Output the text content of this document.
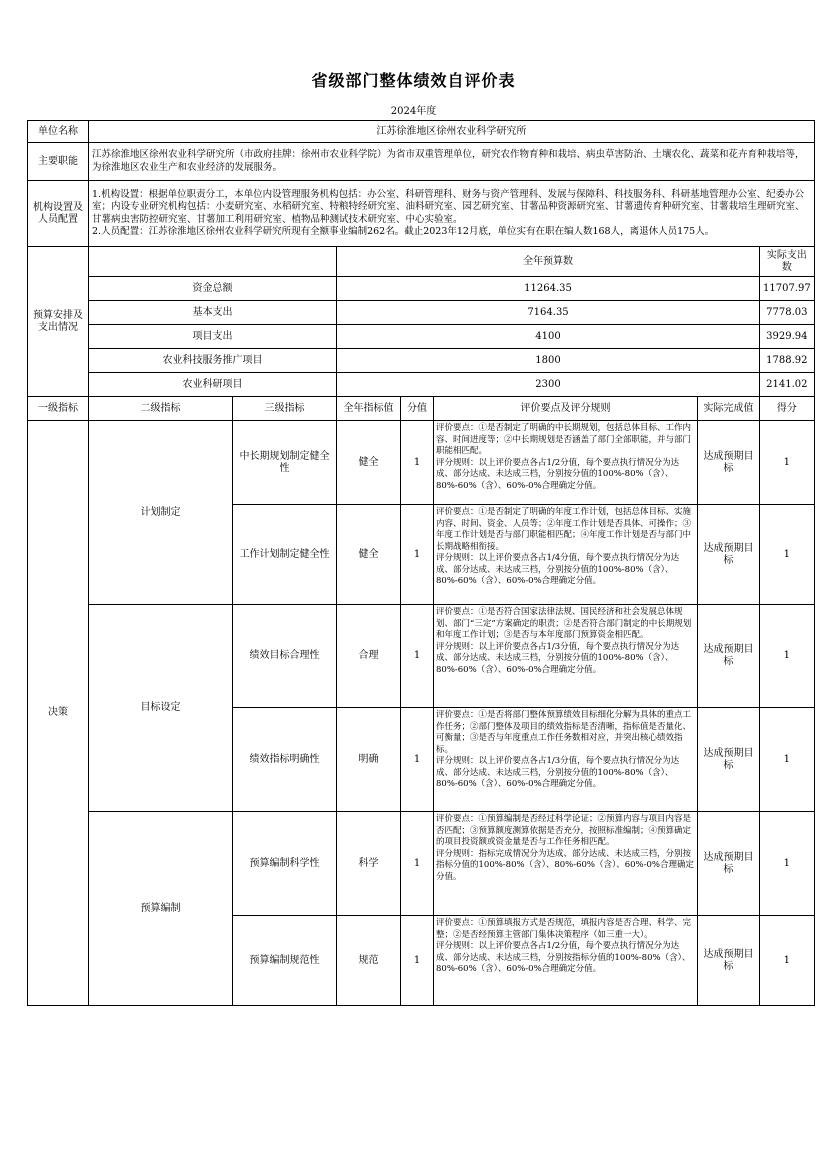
省级部门整体绩效自评价表
2024年度
单位名称	江苏徐淮地区徐州农业科学研究所						
主要职能	江苏徐淮地区徐州农业科学研究所（市政府挂牌：徐州市农业科学院）为省市双重管理单位，研究农作物育种和栽培、病虫草害防治、土壤农化、蔬菜和花卉育种栽培等，为徐淮地区农业生产和农业经济的发展服务。						
机构设置及人员配置	1.机构设置：根据单位职责分工，本单位内设管理服务机构包括：办公室、科研管理科、财务与资产管理科、发展与保障科、科技服务科、科研基地管理办公室、纪委办公室；内设专业研究机构包括：小麦研究室、水稻研究室、特粮特经研究室、油料研究室、园艺研究室、甘薯品种资源研究室、甘薯遗传育种研究室、甘薯栽培生理研究室、甘薯病虫害防控研究室、甘薯加工利用研究室、植物品种测试技术研究室、中心实验室。
2.人员配置：江苏徐淮地区徐州农业科学研究所现有全额事业编制262名。截止2023年12月底，单位实有在职在编人数168人，离退休人员175人。						

预算安排及支出情况			全年预算数				实际支出数
	资金总额		11264.35				11707.97
	基本支出		7164.35				7778.03
	项目支出		4100				3929.94
	农业科技服务推广项目		1800				1788.92
	农业科研项目		2300				2141.02
一级指标	二级指标	三级指标	全年指标值	分值	评价要点及评分规则	实际完成值	得分
决策	计划制定	中长期规划制定健全性	健全	1	评价要点：①是否制定了明确的中长期规划，包括总体目标、工作内容、时间进度等；②中长期规划是否涵盖了部门全部职能，并与部门职能相匹配。
评分规则：以上评价要点各占1/2分值，每个要点执行情况分为达成、部分达成、未达成三档，分别按分值的100%-80%（含）、80%-60%（含）、60%-0%合理确定分值。	达成预期目标	1
		工作计划制定健全性	健全	1	评价要点：①是否制定了明确的年度工作计划，包括总体目标、实施内容、时间、资金、人员等；②年度工作计划是否具体、可操作；③年度工作计划是否与部门职能相匹配；④年度工作计划是否与部门中长期战略相衔接。
评分规则：以上评价要点各占1/4分值，每个要点执行情况分为达成、部分达成、未达成三档，分别按分值的100%-80%（含）、80%-60%（含）、60%-0%合理确定分值。	达成预期目标	1
	目标设定	绩效目标合理性	合理	1	评价要点：①是否符合国家法律法规、国民经济和社会发展总体规划、部门“三定”方案确定的职责；②是否符合部门制定的中长期规划和年度工作计划；③是否与本年度部门预算资金相匹配。
评分规则：以上评价要点各占1/3分值，每个要点执行情况分为达成、部分达成、未达成三档，分别按分值的100%-80%（含）、80%-60%（含）、60%-0%合理确定分值。	达成预期目标	1
		绩效指标明确性	明确	1	评价要点：①是否将部门整体预算绩效目标细化分解为具体的重点工作任务；②部门整体及项目的绩效指标是否清晰，指标值是否量化、可衡量；③是否与年度重点工作任务数相对应，并突出核心绩效指标。
评分规则：以上评价要点各占1/3分值，每个要点执行情况分为达成、部分达成、未达成三档，分别按分值的100%-80%（含）、80%-60%（含）、60%-0%合理确定分值。	达成预期目标	1
	预算编制	预算编制科学性	科学	1	评价要点：①预算编制是否经过科学论证；②预算内容与项目内容是否匹配；③预算额度测算依据是否充分，按照标准编制；④预算确定的项目投资额或资金量是否与工作任务相匹配。
评分规则：指标完成情况分为达成、部分达成、未达成三档，分别按指标分值的100%-80%（含）、80%-60%（含）、60%-0%合理确定分值。	达成预期目标	1
		预算编制规范性	规范	1	评价要点：①预算填报方式是否规范，填报内容是否合理、科学、完整；②是否经预算主管部门集体决策程序（如三重一大）。
评分规则：以上评价要点各占1/2分值，每个要点执行情况分为达成、部分达成、未达成三档，分别按指标分值的100%-80%（含）、80%-60%（含）、60%-0%合理确定分值。	达成预期目标	1
